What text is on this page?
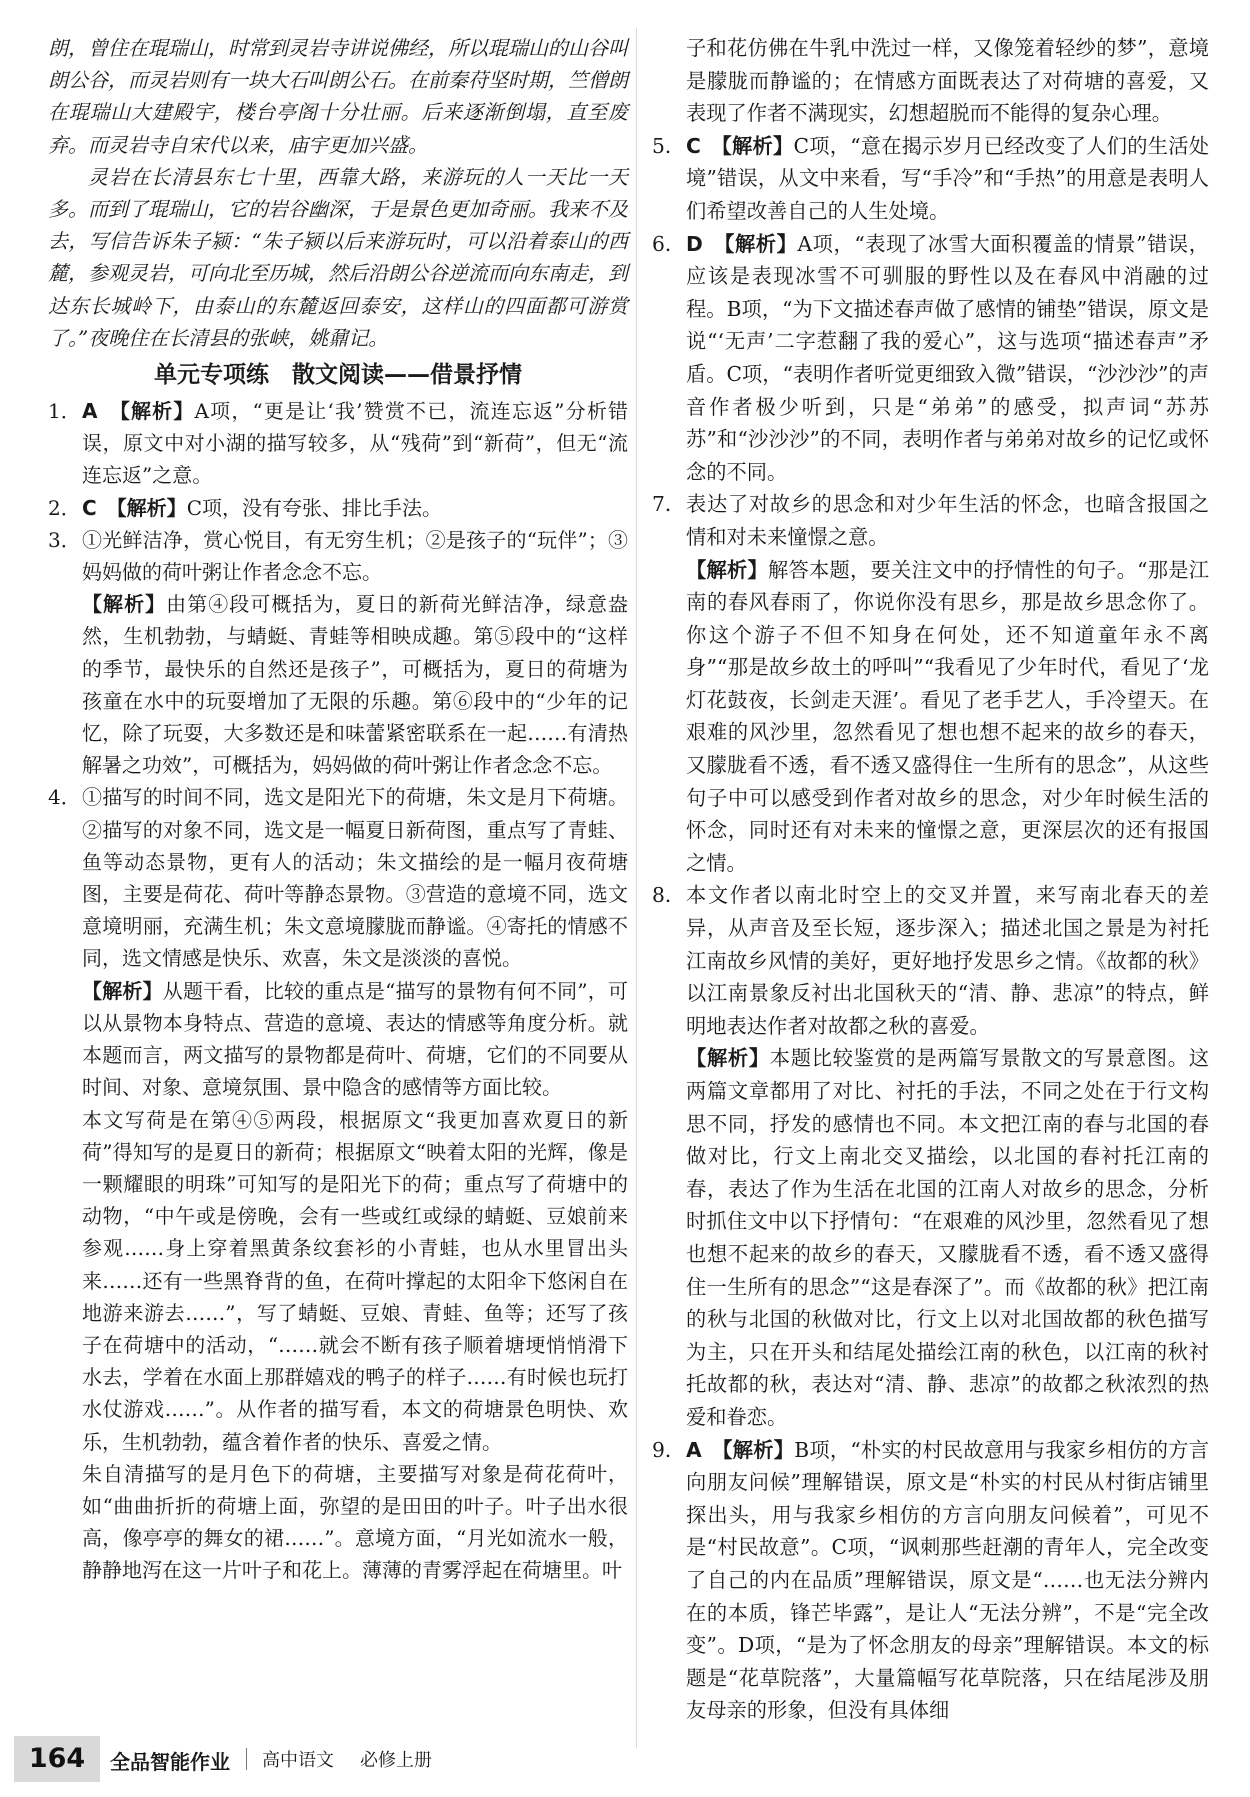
朗，曾住在琨瑞山，时常到灵岩寺讲说佛经，所以琨瑞山的山谷叫朗公谷，而灵岩则有一块大石叫朗公石。在前秦苻坚时期，竺僧朗在琨瑞山大建殿宇，楼台亭阁十分壮丽。后来逐渐倒塌，直至废弃。而灵岩寺自宋代以来，庙宇更加兴盛。

灵岩在长清县东七十里，西靠大路，来游玩的人一天比一天多。而到了琨瑞山，它的岩谷幽深，于是景色更加奇丽。我来不及去，写信告诉朱子颍：“朱子颍以后来游玩时，可以沿着泰山的西麓，参观灵岩，可向北至历城，然后沿朗公谷逆流而向东南走，到达东长城岭下，由泰山的东麓返回泰安，这样山的四面都可游赏了。”夜晚住在长清县的张峡，姚鼐记。

单元专项练　散文阅读——借景抒情
1． A　【解析】A项，“更是让‘我’赞赏不已，流连忘返”分析错误，原文中对小湖的描写较多，从“残荷”到“新荷”，但无“流连忘返”之意。
2． C　【解析】C项，没有夸张、排比手法。
3． ①光鲜洁净，赏心悦目，有无穷生机；②是孩子的“玩伴”；③妈妈做的荷叶粥让作者念念不忘。
【解析】由第④段可概括为，夏日的新荷光鲜洁净，绿意盎然，生机勃勃，与蜻蜓、青蛙等相映成趣。第⑤段中的“这样的季节，最快乐的自然还是孩子”，可概括为，夏日的荷塘为孩童在水中的玩耍增加了无限的乐趣。第⑥段中的“少年的记忆，除了玩耍，大多数还是和味蕾紧密联系在一起……有清热解暑之功效”，可概括为，妈妈做的荷叶粥让作者念念不忘。
4． ①描写的时间不同，选文是阳光下的荷塘，朱文是月下荷塘。②描写的对象不同，选文是一幅夏日新荷图，重点写了青蛙、鱼等动态景物，更有人的活动；朱文描绘的是一幅月夜荷塘图，主要是荷花、荷叶等静态景物。③营造的意境不同，选文意境明丽，充满生机；朱文意境朦胧而静谧。④寄托的情感不同，选文情感是快乐、欢喜，朱文是淡淡的喜悦。
【解析】从题干看，比较的重点是“描写的景物有何不同”，可以从景物本身特点、营造的意境、表达的情感等角度分析。就本题而言，两文描写的景物都是荷叶、荷塘，它们的不同要从时间、对象、意境氛围、景中隐含的感情等方面比较。
本文写荷是在第④⑤两段，根据原文“我更加喜欢夏日的新荷”得知写的是夏日的新荷；根据原文“映着太阳的光辉，像是一颗耀眼的明珠”可知写的是阳光下的荷；重点写了荷塘中的动物，“中午或是傍晚，会有一些或红或绿的蜻蜓、豆娘前来参观……身上穿着黑黄条纹套衫的小青蛙，也从水里冒出头来……还有一些黑脊背的鱼，在荷叶撑起的太阳伞下悠闲自在地游来游去……”，写了蜻蜓、豆娘、青蛙、鱼等；还写了孩子在荷塘中的活动，“……就会不断有孩子顺着塘埂悄悄滑下水去，学着在水面上那群嬉戏的鸭子的样子……有时候也玩打水仗游戏……”。从作者的描写看，本文的荷塘景色明快、欢乐，生机勃勃，蕴含着作者的快乐、喜爱之情。
朱自清描写的是月色下的荷塘，主要描写对象是荷花荷叶，如“曲曲折折的荷塘上面，弥望的是田田的叶子。叶子出水很高，像亭亭的舞女的裙……”。意境方面，“月光如流水一般，静静地泻在这一片叶子和花上。薄薄的青雾浮起在荷塘里。叶
子和花仿佛在牛乳中洗过一样，又像笼着轻纱的梦”，意境是朦胧而静谧的；在情感方面既表达了对荷塘的喜爱，又表现了作者不满现实，幻想超脱而不能得的复杂心理。
5． C　【解析】C项，“意在揭示岁月已经改变了人们的生活处境”错误，从文中来看，写“手冷”和“手热”的用意是表明人们希望改善自己的人生处境。
6． D　【解析】A项，“表现了冰雪大面积覆盖的情景”错误，应该是表现冰雪不可驯服的野性以及在春风中消融的过程。B项，“为下文描述春声做了感情的铺垫”错误，原文是说“‘无声’二字惹翻了我的爱心”，这与选项“描述春声”矛盾。C项，“表明作者听觉更细致入微”错误，“沙沙沙”的声音作者极少听到，只是“弟弟”的感受，拟声词“苏苏苏”和“沙沙沙”的不同，表明作者与弟弟对故乡的记忆或怀念的不同。
7． 表达了对故乡的思念和对少年生活的怀念，也暗含报国之情和对未来憧憬之意。
【解析】解答本题，要关注文中的抒情性的句子。“那是江南的春风春雨了，你说你没有思乡，那是故乡思念你了。你这个游子不但不知身在何处，还不知道童年永不离身”“那是故乡故土的呼叫”“我看见了少年时代，看见了‘龙灯花鼓夜，长剑走天涯’。看见了老手艺人，手冷望天。在艰难的风沙里，忽然看见了想也想不起来的故乡的春天，又朦胧看不透，看不透又盛得住一生所有的思念”，从这些句子中可以感受到作者对故乡的思念，对少年时候生活的怀念，同时还有对未来的憧憬之意，更深层次的还有报国之情。
8． 本文作者以南北时空上的交叉并置，来写南北春天的差异，从声音及至长短，逐步深入；描述北国之景是为衬托江南故乡风情的美好，更好地抒发思乡之情。《故都的秋》以江南景象反衬出北国秋天的“清、静、悲凉”的特点，鲜明地表达作者对故都之秋的喜爱。
【解析】本题比较鉴赏的是两篇写景散文的写景意图。这两篇文章都用了对比、衬托的手法，不同之处在于行文构思不同，抒发的感情也不同。本文把江南的春与北国的春做对比，行文上南北交叉描绘，以北国的春衬托江南的春，表达了作为生活在北国的江南人对故乡的思念，分析时抓住文中以下抒情句：“在艰难的风沙里，忽然看见了想也想不起来的故乡的春天，又朦胧看不透，看不透又盛得住一生所有的思念”“这是春深了”。而《故都的秋》把江南的秋与北国的秋做对比，行文上以对北国故都的秋色描写为主，只在开头和结尾处描绘江南的秋色，以江南的秋衬托故都的秋，表达对“清、静、悲凉”的故都之秋浓烈的热爱和眷恋。
9． A　【解析】B项，“朴实的村民故意用与我家乡相仿的方言向朋友问候”理解错误，原文是“朴实的村民从村街店铺里探出头，用与我家乡相仿的方言向朋友问候着”，可见不是“村民故意”。C项，“讽刺那些赶潮的青年人，完全改变了自己的内在品质”理解错误，原文是“……也无法分辨内在的本质，锋芒毕露”，是让人“无法分辨”，不是“完全改变”。D项，“是为了怀念朋友的母亲”理解错误。本文的标题是“花草院落”，大量篇幅写花草院落，只在结尾涉及朋友母亲的形象，但没有具体细
164	全品智能作业 高中语文 必修上册
